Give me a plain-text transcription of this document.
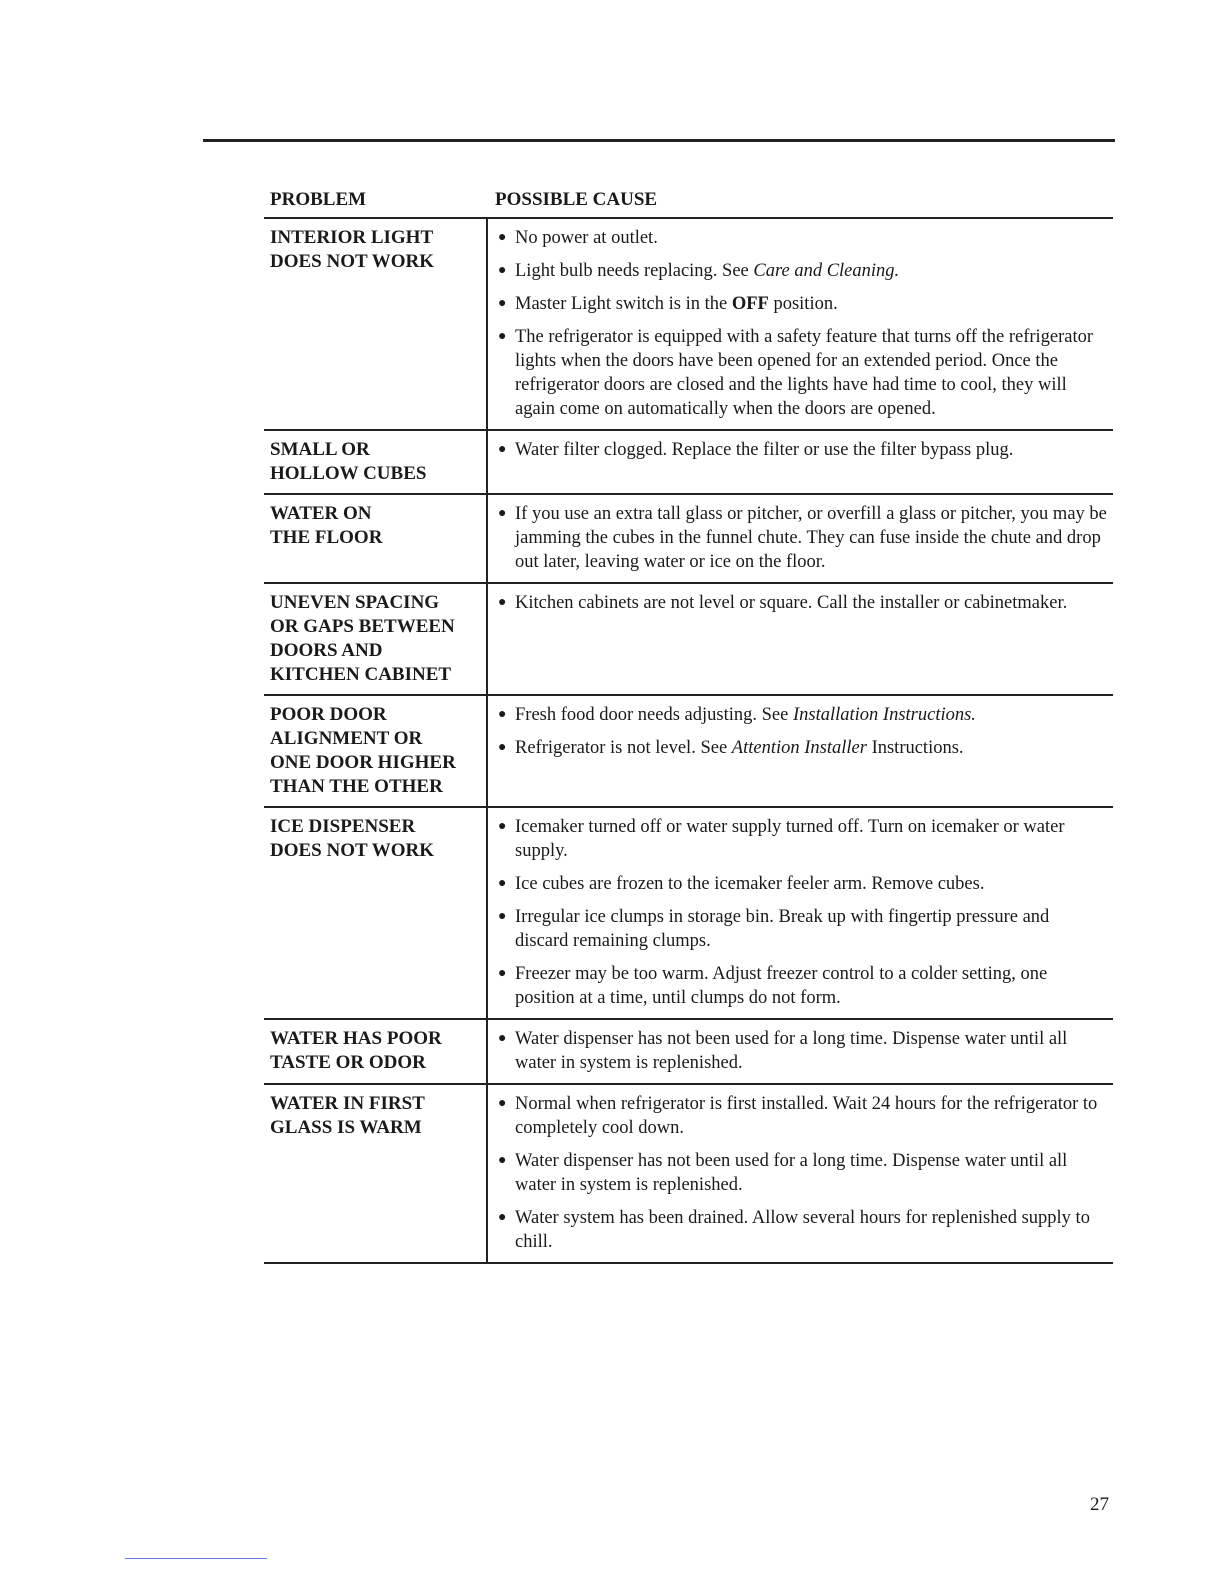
PROBLEM	POSSIBLE CAUSE
INTERIOR LIGHT
DOES NOT WORK
● No power at outlet.
● Light bulb needs replacing. See Care and Cleaning.
● Master Light switch is in the OFF position.
● The refrigerator is equipped with a safety feature that turns off the refrigerator lights when the doors have been opened for an extended period. Once the refrigerator doors are closed and the lights have had time to cool, they will again come on automatically when the doors are opened.
SMALL OR
HOLLOW CUBES
● Water filter clogged. Replace the filter or use the filter bypass plug.
WATER ON
THE FLOOR
● If you use an extra tall glass or pitcher, or overfill a glass or pitcher, you may be jamming the cubes in the funnel chute. They can fuse inside the chute and drop out later, leaving water or ice on the floor.
UNEVEN SPACING
OR GAPS BETWEEN
DOORS AND
KITCHEN CABINET
● Kitchen cabinets are not level or square. Call the installer or cabinetmaker.
POOR DOOR
ALIGNMENT OR
ONE DOOR HIGHER
THAN THE OTHER
● Fresh food door needs adjusting. See Installation Instructions.
● Refrigerator is not level. See Attention Installer Instructions.
ICE DISPENSER
DOES NOT WORK
● Icemaker turned off or water supply turned off. Turn on icemaker or water supply.
● Ice cubes are frozen to the icemaker feeler arm. Remove cubes.
● Irregular ice clumps in storage bin. Break up with fingertip pressure and discard remaining clumps.
● Freezer may be too warm. Adjust freezer control to a colder setting, one position at a time, until clumps do not form.
WATER HAS POOR
TASTE OR ODOR
● Water dispenser has not been used for a long time. Dispense water until all water in system is replenished.
WATER IN FIRST
GLASS IS WARM
● Normal when refrigerator is first installed. Wait 24 hours for the refrigerator to completely cool down.
● Water dispenser has not been used for a long time. Dispense water until all water in system is replenished.
● Water system has been drained. Allow several hours for replenished supply to chill.
27
